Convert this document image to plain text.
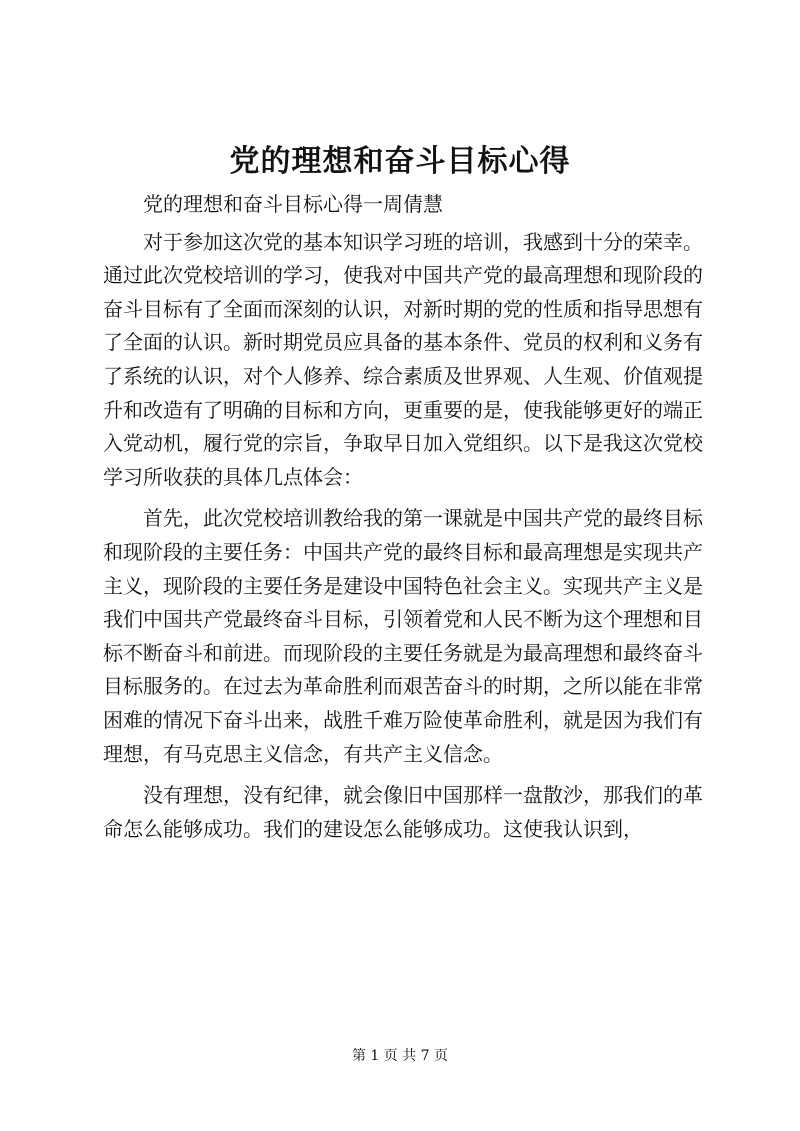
党的理想和奋斗目标心得

党的理想和奋斗目标心得一周倩慧

对于参加这次党的基本知识学习班的培训，我感到十分的荣幸。通过此次党校培训的学习，使我对中国共产党的最高理想和现阶段的奋斗目标有了全面而深刻的认识，对新时期的党的性质和指导思想有了全面的认识。新时期党员应具备的基本条件、党员的权利和义务有了系统的认识，对个人修养、综合素质及世界观、人生观、价值观提升和改造有了明确的目标和方向，更重要的是，使我能够更好的端正入党动机，履行党的宗旨，争取早日加入党组织。以下是我这次党校学习所收获的具体几点体会：

首先，此次党校培训教给我的第一课就是中国共产党的最终目标和现阶段的主要任务：中国共产党的最终目标和最高理想是实现共产主义，现阶段的主要任务是建设中国特色社会主义。实现共产主义是我们中国共产党最终奋斗目标，引领着党和人民不断为这个理想和目标不断奋斗和前进。而现阶段的主要任务就是为最高理想和最终奋斗目标服务的。在过去为革命胜利而艰苦奋斗的时期，之所以能在非常困难的情况下奋斗出来，战胜千难万险使革命胜利，就是因为我们有理想，有马克思主义信念，有共产主义信念。

没有理想，没有纪律，就会像旧中国那样一盘散沙，那我们的革命怎么能够成功。我们的建设怎么能够成功。这使我认识到，

第 1 页 共 7 页
